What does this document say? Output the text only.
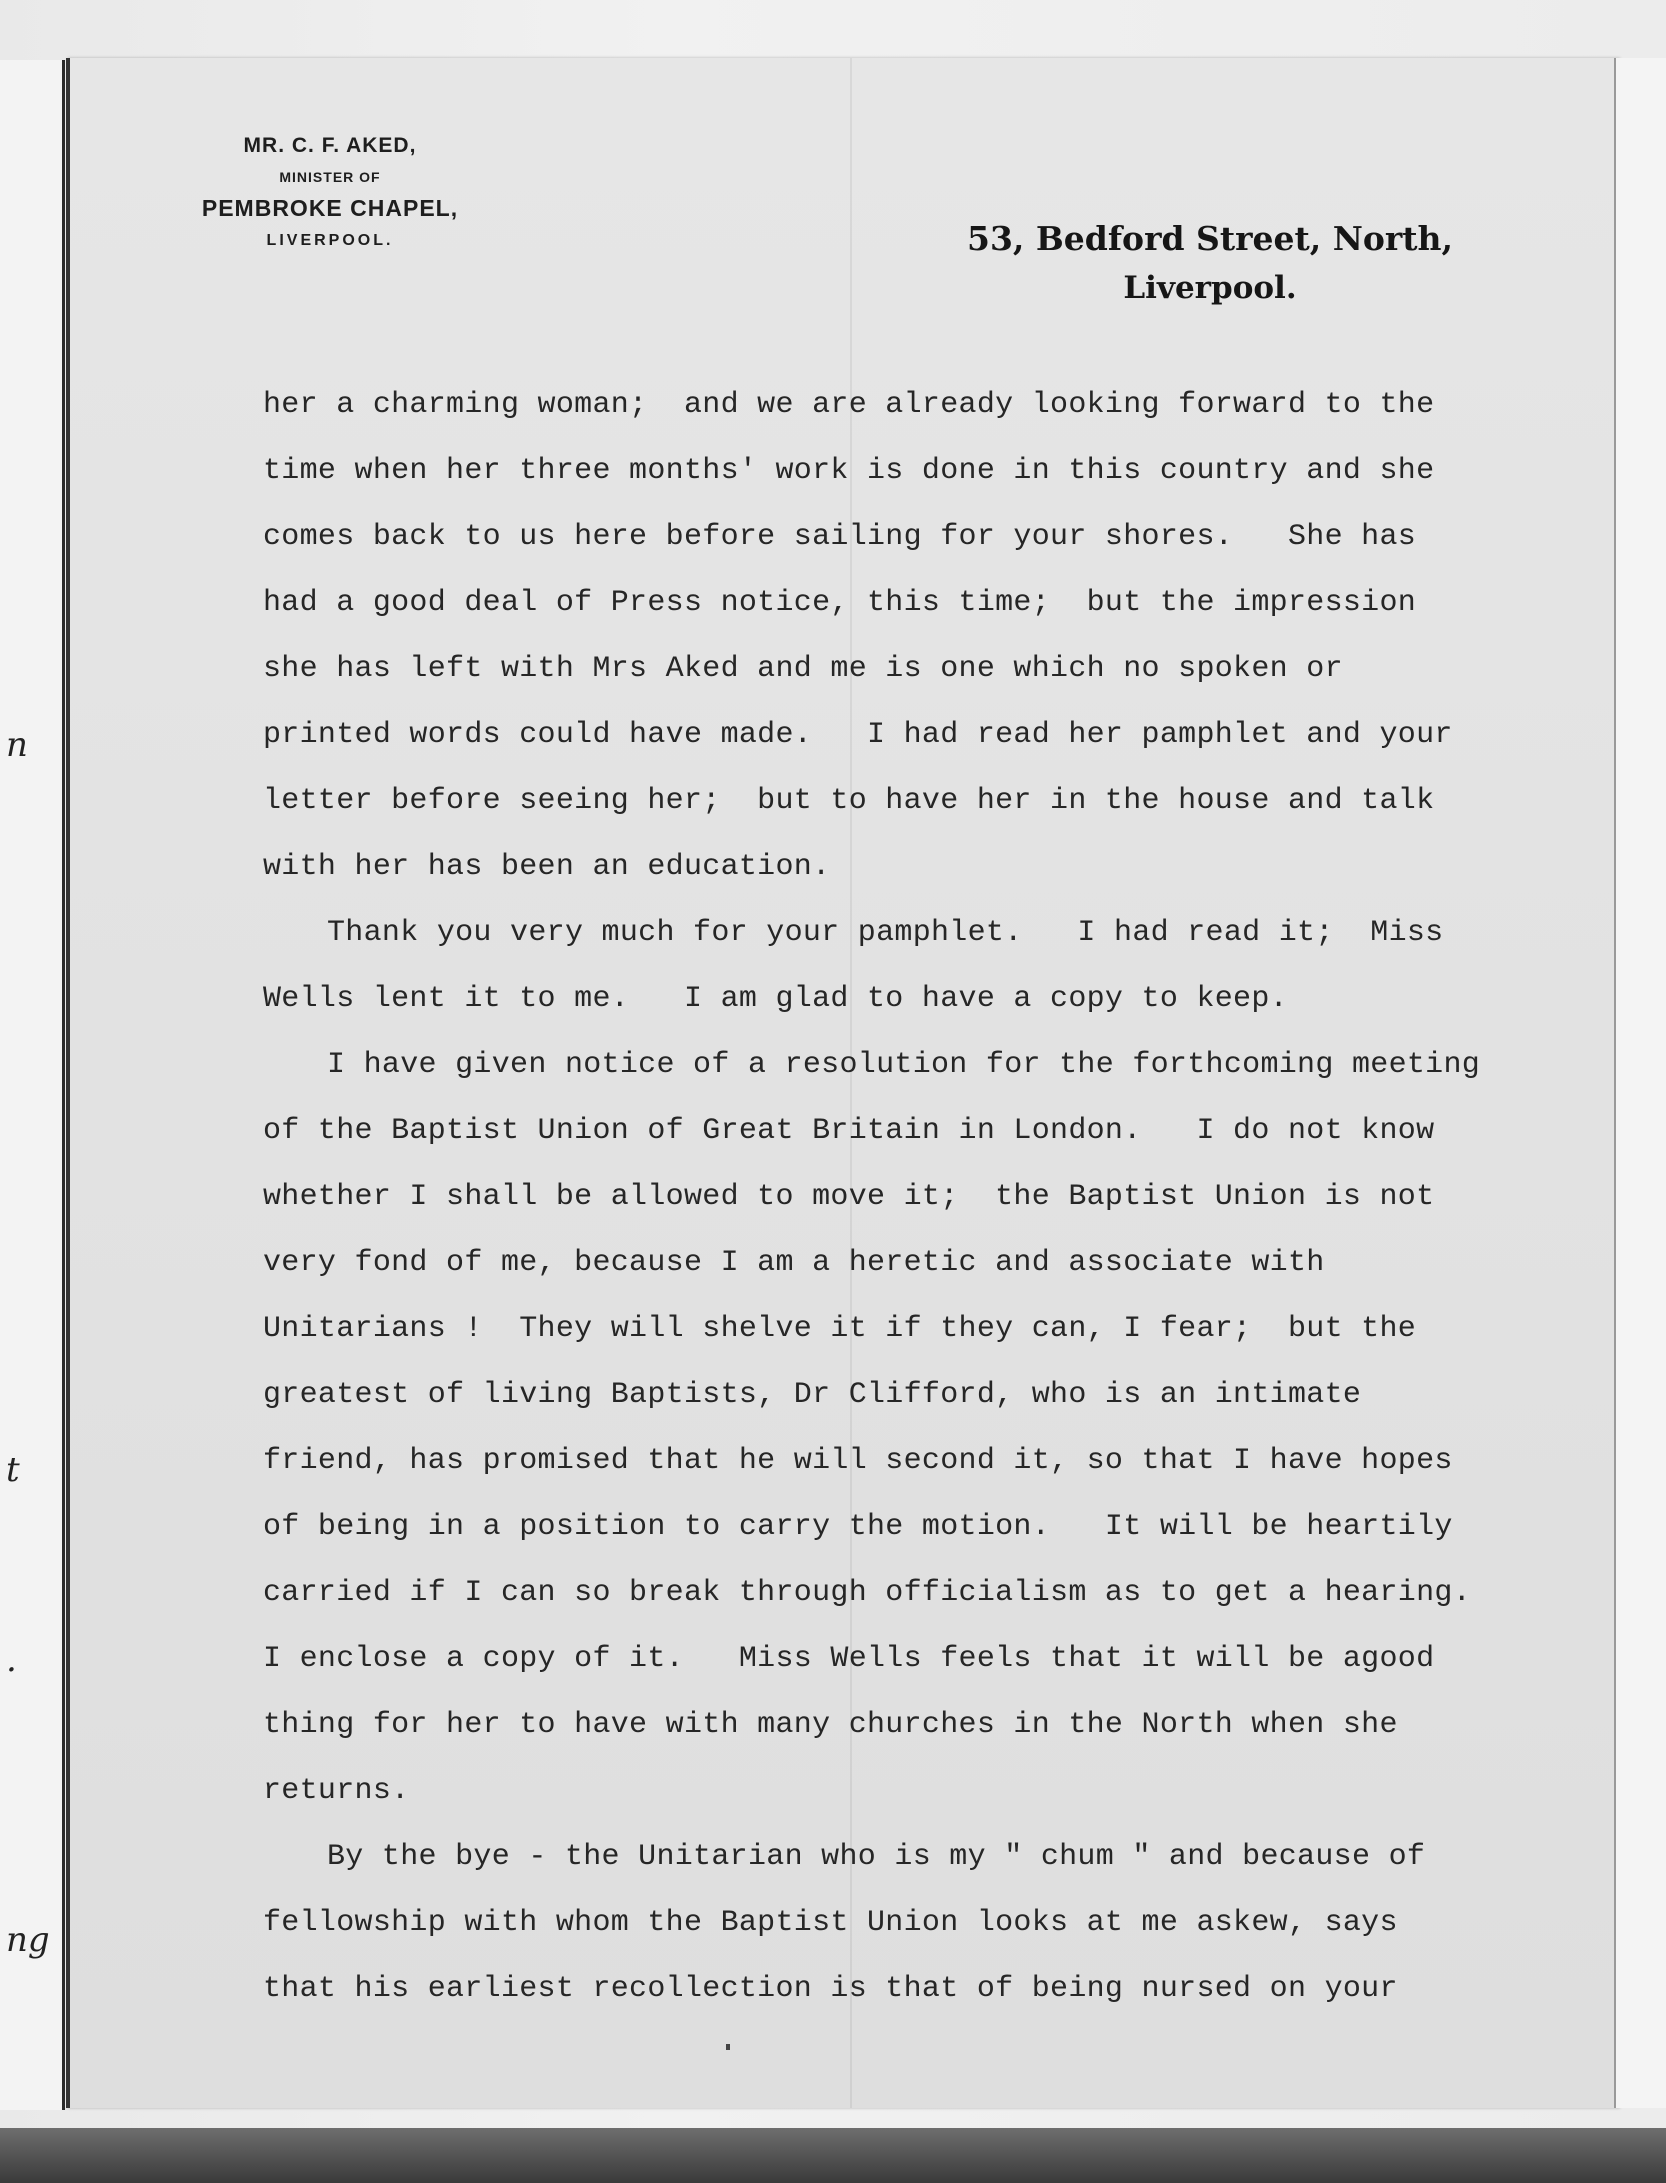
n
t
.
ng
MR. C. F. AKED,
MINISTER OF
PEMBROKE CHAPEL,
LIVERPOOL.	53, Bedford Street, North,
Liverpool.
her a charming woman;  and we are already looking forward to the
time when her three months' work is done in this country and she
comes back to us here before sailing for your shores.   She has
had a good deal of Press notice, this time;  but the impression
she has left with Mrs Aked and me is one which no spoken or
printed words could have made.   I had read her pamphlet and your
letter before seeing her;  but to have her in the house and talk
with her has been an education.
Thank you very much for your pamphlet.   I had read it;  Miss
Wells lent it to me.   I am glad to have a copy to keep.
I have given notice of a resolution for the forthcoming meeting
of the Baptist Union of Great Britain in London.   I do not know
whether I shall be allowed to move it;  the Baptist Union is not
very fond of me, because I am a heretic and associate with
Unitarians !  They will shelve it if they can, I fear;  but the
greatest of living Baptists, Dr Clifford, who is an intimate
friend, has promised that he will second it, so that I have hopes
of being in a position to carry the motion.   It will be heartily
carried if I can so break through officialism as to get a hearing.
I enclose a copy of it.   Miss Wells feels that it will be agood
thing for her to have with many churches in the North when she
returns.
By the bye - the Unitarian who is my " chum " and because of
fellowship with whom the Baptist Union looks at me askew, says
that his earliest recollection is that of being nursed on your
